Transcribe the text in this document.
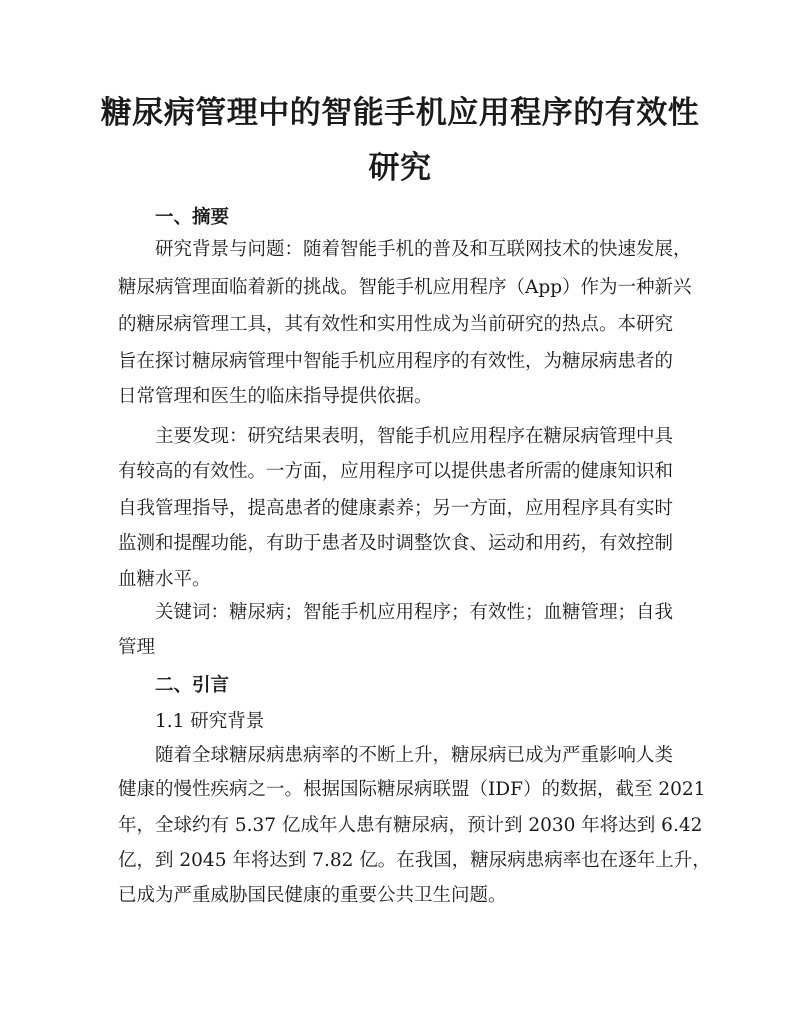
糖尿病管理中的智能手机应用程序的有效性
研究

一、摘要

研究背景与问题：随着智能手机的普及和互联网技术的快速发展，

糖尿病管理面临着新的挑战。智能手机应用程序（App）作为一种新兴

的糖尿病管理工具，其有效性和实用性成为当前研究的热点。本研究

旨在探讨糖尿病管理中智能手机应用程序的有效性，为糖尿病患者的

日常管理和医生的临床指导提供依据。

主要发现：研究结果表明，智能手机应用程序在糖尿病管理中具

有较高的有效性。一方面，应用程序可以提供患者所需的健康知识和

自我管理指导，提高患者的健康素养；另一方面，应用程序具有实时

监测和提醒功能，有助于患者及时调整饮食、运动和用药，有效控制

血糖水平。

关键词：糖尿病；智能手机应用程序；有效性；血糖管理；自我

管理

二、引言

1.1 研究背景

随着全球糖尿病患病率的不断上升，糖尿病已成为严重影响人类

健康的慢性疾病之一。根据国际糖尿病联盟（IDF）的数据，截至 2021

年，全球约有 5.37 亿成年人患有糖尿病，预计到 2030 年将达到 6.42

亿，到 2045 年将达到 7.82 亿。在我国，糖尿病患病率也在逐年上升，

已成为严重威胁国民健康的重要公共卫生问题。
